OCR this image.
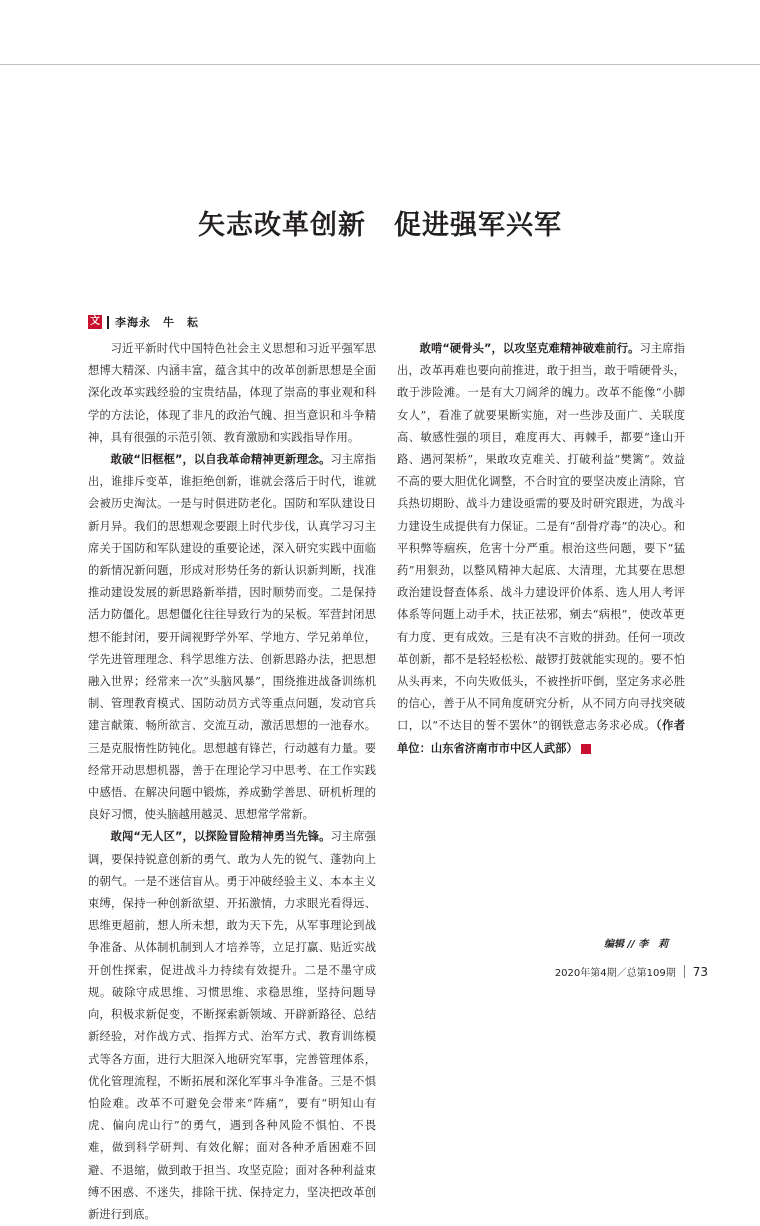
矢志改革创新　促进强军兴军
文 李海永　牛　耘

习近平新时代中国特色社会主义思想和习近平强军思想博大精深、内涵丰富，蕴含其中的改革创新思想是全面深化改革实践经验的宝贵结晶，体现了崇高的事业观和科学的方法论，体现了非凡的政治气魄、担当意识和斗争精神，具有很强的示范引领、教育激励和实践指导作用。

敢破“旧框框”，以自我革命精神更新理念。习主席指出，谁排斥变革，谁拒绝创新，谁就会落后于时代，谁就会被历史淘汰。一是与时俱进防老化。国防和军队建设日新月异。我们的思想观念要跟上时代步伐，认真学习习主席关于国防和军队建设的重要论述，深入研究实践中面临的新情况新问题，形成对形势任务的新认识新判断，找准推动建设发展的新思路新举措，因时顺势而变。二是保持活力防僵化。思想僵化往往导致行为的呆板。军营封闭思想不能封闭，要开阔视野学外军、学地方、学兄弟单位，学先进管理理念、科学思维方法、创新思路办法，把思想融入世界；经常来一次“头脑风暴”，围绕推进战备训练机制、管理教育模式、国防动员方式等重点问题，发动官兵建言献策、畅所欲言、交流互动，激活思想的一池春水。三是克服惰性防钝化。思想越有锋芒，行动越有力量。要经常开动思想机器，善于在理论学习中思考、在工作实践中感悟、在解决问题中锻炼，养成勤学善思、研机析理的良好习惯，使头脑越用越灵、思想常学常新。

敢闯“无人区”，以探险冒险精神勇当先锋。习主席强调，要保持锐意创新的勇气、敢为人先的锐气、蓬勃向上的朝气。一是不迷信盲从。勇于冲破经验主义、本本主义束缚，保持一种创新欲望、开拓激情，力求眼光看得远、思维更超前，想人所未想，敢为天下先，从军事理论到战争准备、从体制机制到人才培养等，立足打赢、贴近实战开创性探索，促进战斗力持续有效提升。二是不墨守成规。破除守成思维、习惯思维、求稳思维，坚持问题导向，积极求新促变，不断探索新领域、开辟新路径、总结新经验，对作战方式、指挥方式、治军方式、教育训练模式等各方面，进行大胆深入地研究军事，完善管理体系，优化管理流程，不断拓展和深化军事斗争准备。三是不惧怕险难。改革不可避免会带来“阵痛”，要有“明知山有虎、偏向虎山行”的勇气，遇到各种风险不惧怕、不畏难，做到科学研判、有效化解；面对各种矛盾困难不回避、不退缩，做到敢于担当、攻坚克险；面对各种利益束缚不困惑、不迷失，排除干扰、保持定力，坚决把改革创新进行到底。

敢啃“硬骨头”，以攻坚克难精神破难前行。习主席指出，改革再难也要向前推进，敢于担当，敢于啃硬骨头，敢于涉险滩。一是有大刀阔斧的魄力。改革不能像“小脚女人”，看准了就要果断实施，对一些涉及面广、关联度高、敏感性强的项目，难度再大、再棘手，都要“逢山开路、遇河架桥”，果敢攻克难关、打破利益“樊篱”。效益不高的要大胆优化调整，不合时宜的要坚决废止清除，官兵热切期盼、战斗力建设亟需的要及时研究跟进，为战斗力建设生成提供有力保证。二是有“刮骨疗毒”的决心。和平积弊等痼疾，危害十分严重。根治这些问题，要下“猛药”用狠劲，以整风精神大起底、大清理，尤其要在思想政治建设督查体系、战斗力建设评价体系、选人用人考评体系等问题上动手术，扶正祛邪，剜去“病根”，使改革更有力度、更有成效。三是有决不言败的拼劲。任何一项改革创新，都不是轻轻松松、敲锣打鼓就能实现的。要不怕从头再来，不向失败低头，不被挫折吓倒，坚定务求必胜的信心，善于从不同角度研究分析，从不同方向寻找突破口，以“不达目的誓不罢休”的钢铁意志务求必成。（作者单位：山东省济南市市中区人武部）	G

编辑 // 李　莉
2020年第4期／总第109期 73
